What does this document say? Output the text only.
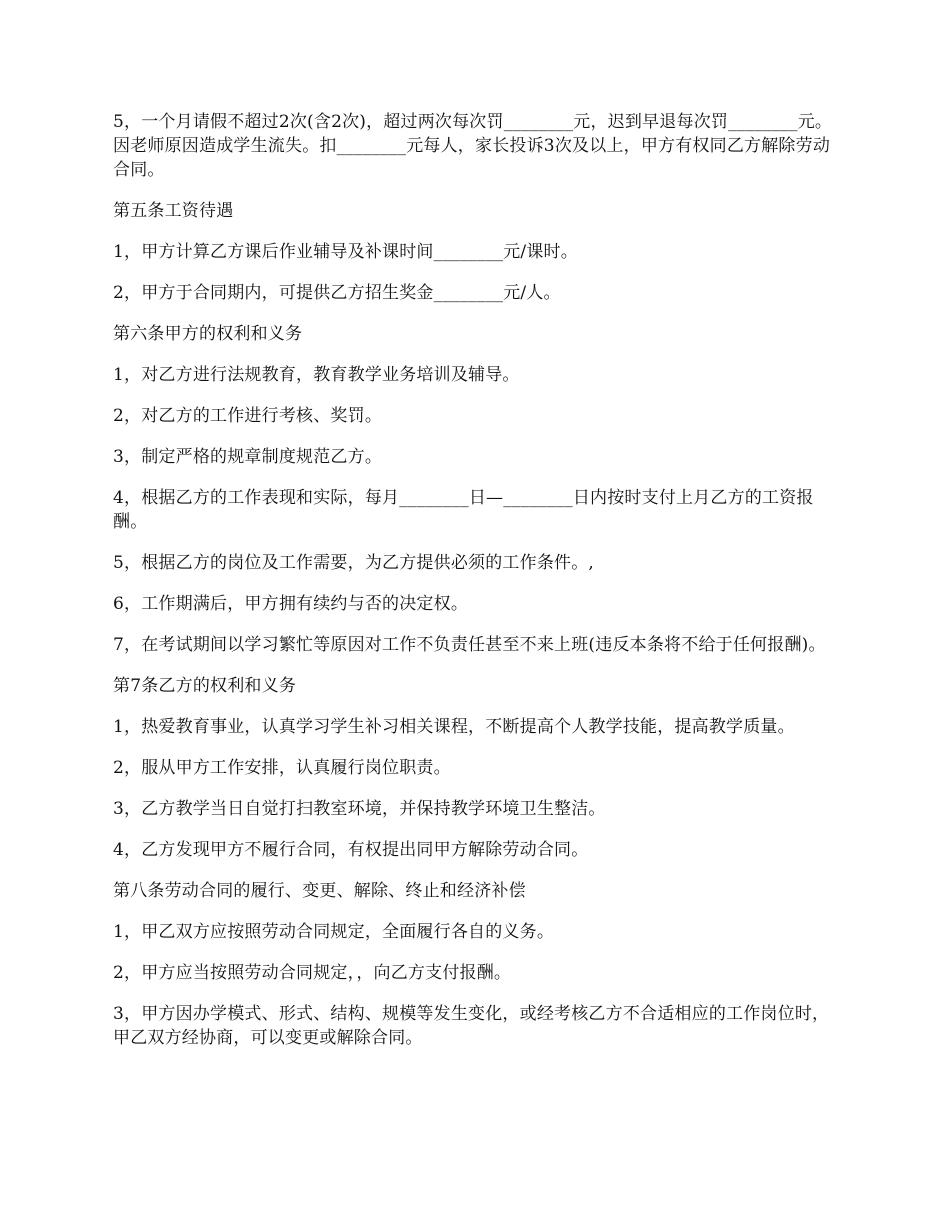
5，一个月请假不超过2次(含2次)，超过两次每次罚________元，迟到早退每次罚________元。因老师原因造成学生流失。扣________元每人，家长投诉3次及以上，甲方有权同乙方解除劳动合同。

第五条工资待遇

1，甲方计算乙方课后作业辅导及补课时间________元/课时。

2，甲方于合同期内，可提供乙方招生奖金________元/人。

第六条甲方的权利和义务

1，对乙方进行法规教育，教育教学业务培训及辅导。

2，对乙方的工作进行考核、奖罚。

3，制定严格的规章制度规范乙方。

4，根据乙方的工作表现和实际，每月________日—________日内按时支付上月乙方的工资报酬。

5，根据乙方的岗位及工作需要，为乙方提供必须的工作条件。,

6，工作期满后，甲方拥有续约与否的决定权。

7，在考试期间以学习繁忙等原因对工作不负责任甚至不来上班(违反本条将不给于任何报酬)。

第7条乙方的权利和义务

1，热爱教育事业，认真学习学生补习相关课程，不断提高个人教学技能，提高教学质量。

2，服从甲方工作安排，认真履行岗位职责。

3，乙方教学当日自觉打扫教室环境，并保持教学环境卫生整洁。

4，乙方发现甲方不履行合同，有权提出同甲方解除劳动合同。

第八条劳动合同的履行、变更、解除、终止和经济补偿

1，甲乙双方应按照劳动合同规定，全面履行各自的义务。

2，甲方应当按照劳动合同规定，，向乙方支付报酬。

3，甲方因办学模式、形式、结构、规模等发生变化，或经考核乙方不合适相应的工作岗位时，甲乙双方经协商，可以变更或解除合同。
